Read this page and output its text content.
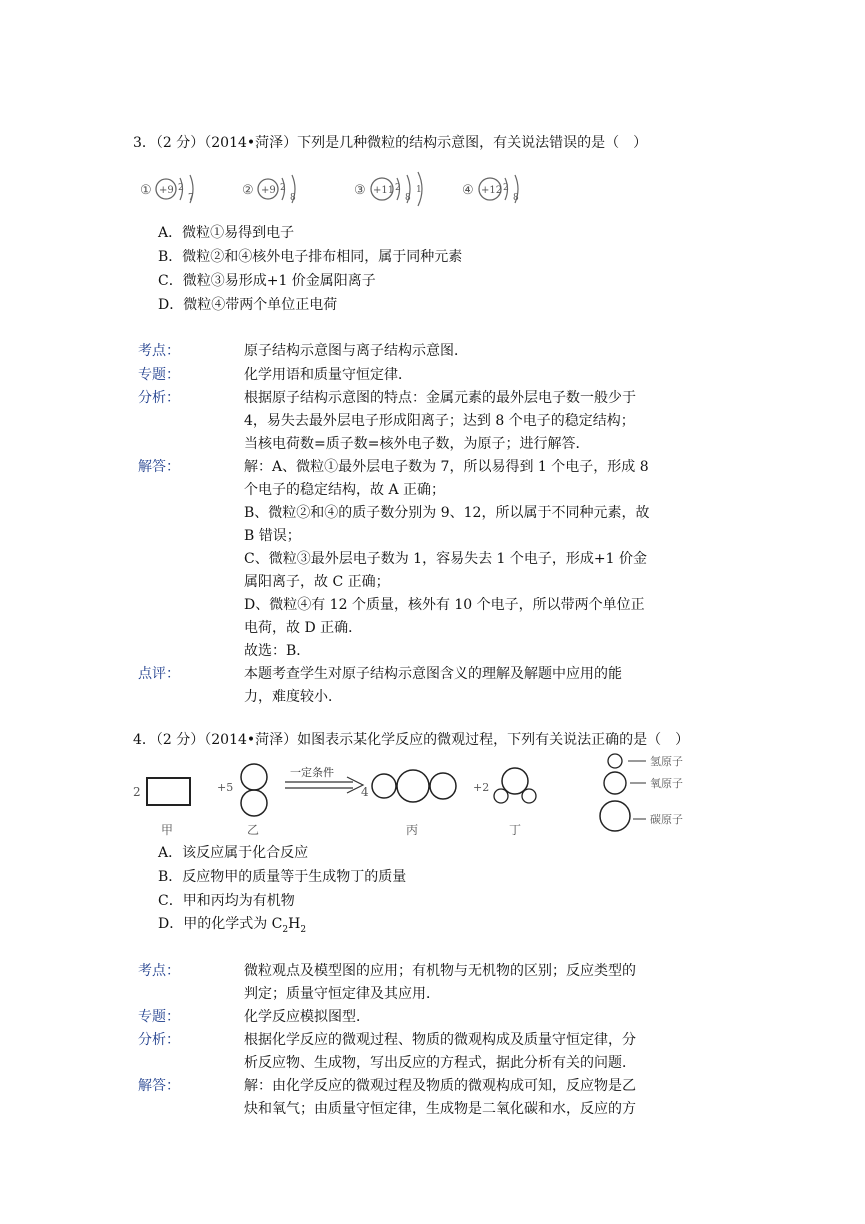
3．（2 分）（2014•菏泽）下列是几种微粒的结构示意图，有关说法错误的是（　）
① +9 2
7	② +9 2
8	③ +11 2
8
1	④ +12 2
8
A．微粒①易得到电子
B．微粒②和④核外电子排布相同，属于同种元素
C．微粒③易形成+1 价金属阳离子
D．微粒④带两个单位正电荷
考点：	原子结构示意图与离子结构示意图．
专题：	化学用语和质量守恒定律．
分析：	根据原子结构示意图的特点：金属元素的最外层电子数一般少于
4，易失去最外层电子形成阳离子；达到 8 个电子的稳定结构；
当核电荷数=质子数=核外电子数，为原子；进行解答．
解答：	解：A、微粒①最外层电子数为 7，所以易得到 1 个电子，形成 8
个电子的稳定结构，故 A 正确；
B、微粒②和④的质子数分别为 9、12，所以属于不同种元素，故
B 错误；
C、微粒③最外层电子数为 1，容易失去 1 个电子，形成+1 价金
属阳离子，故 C 正确；
D、微粒④有 12 个质量，核外有 10 个电子，所以带两个单位正
电荷，故 D 正确．
故选：B．
点评：	本题考查学生对原子结构示意图含义的理解及解题中应用的能
力，难度较小．
4．（2 分）（2014•菏泽）如图表示某化学反应的微观过程，下列有关说法正确的是（　）
2
甲
+5
乙
一定条件
4
丙
+2
丁
氢原子
氧原子
碳原子
A．该反应属于化合反应
B．反应物甲的质量等于生成物丁的质量
C．甲和丙均为有机物
D．甲的化学式为 $C_2H_2$
考点：	微粒观点及模型图的应用；有机物与无机物的区别；反应类型的
判定；质量守恒定律及其应用．
专题：	化学反应模拟图型．
分析：	根据化学反应的微观过程、物质的微观构成及质量守恒定律，分
析反应物、生成物，写出反应的方程式，据此分析有关的问题．
解答：	解：由化学反应的微观过程及物质的微观构成可知，反应物是乙
炔和氧气；由质量守恒定律，生成物是二氧化碳和水，反应的方
